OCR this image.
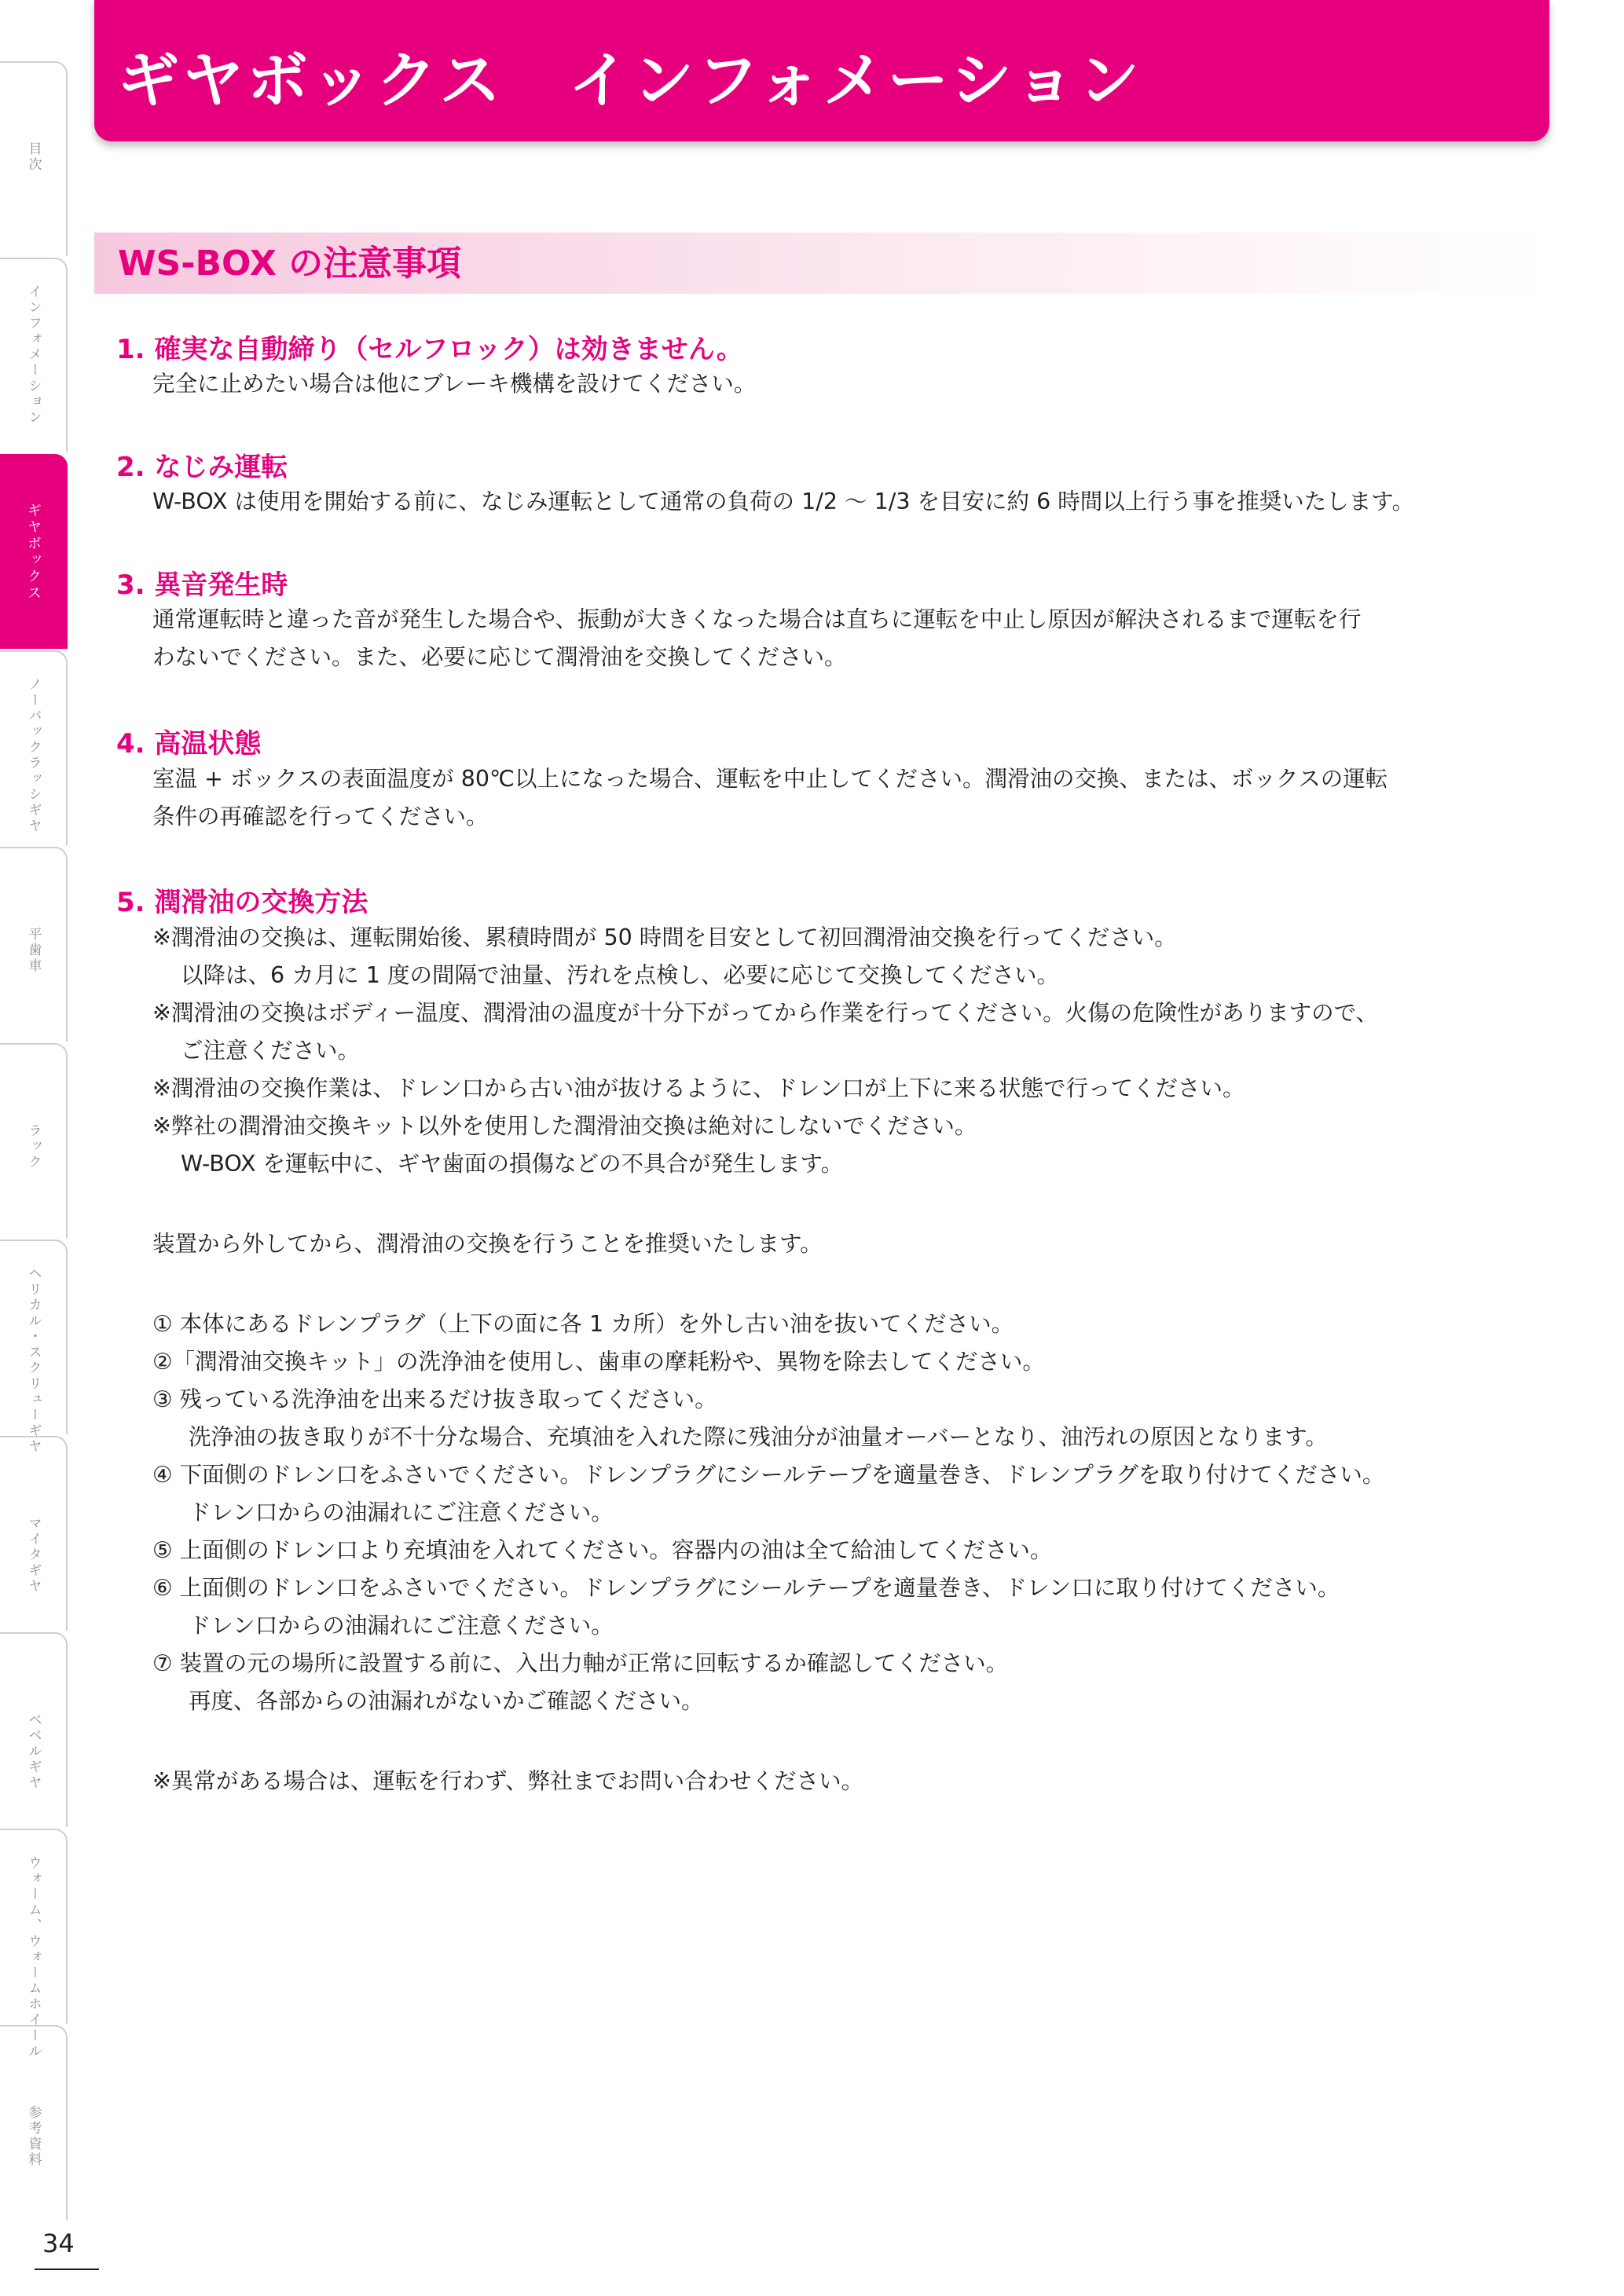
ギヤボックス　インフォメーション
目次
インフォメーション
ギヤボックス
ノーバックラッシギヤ
平歯車
ラック
ヘリカル・スクリューギヤ
マイタギヤ
ベベルギヤ
ウォーム、ウォームホイール
参考資料
WS-BOX の注意事項
1. 確実な自動締り（セルフロック）は効きません。
完全に止めたい場合は他にブレーキ機構を設けてください。
2. なじみ運転
W-BOX は使用を開始する前に、なじみ運転として通常の負荷の 1/2 〜 1/3 を目安に約 6 時間以上行う事を推奨いたします。
3. 異音発生時
通常運転時と違った音が発生した場合や、振動が大きくなった場合は直ちに運転を中止し原因が解決されるまで運転を行
わないでください。また、必要に応じて潤滑油を交換してください。
4. 高温状態
室温 + ボックスの表面温度が 80℃以上になった場合、運転を中止してください。潤滑油の交換、または、ボックスの運転
条件の再確認を行ってください。
5. 潤滑油の交換方法
※潤滑油の交換は、運転開始後、累積時間が 50 時間を目安として初回潤滑油交換を行ってください。
以降は、6 カ月に 1 度の間隔で油量、汚れを点検し、必要に応じて交換してください。
※潤滑油の交換はボディー温度、潤滑油の温度が十分下がってから作業を行ってください。火傷の危険性がありますので、
ご注意ください。
※潤滑油の交換作業は、ドレン口から古い油が抜けるように、ドレン口が上下に来る状態で行ってください。
※弊社の潤滑油交換キット以外を使用した潤滑油交換は絶対にしないでください。
W-BOX を運転中に、ギヤ歯面の損傷などの不具合が発生します。
装置から外してから、潤滑油の交換を行うことを推奨いたします。
① 本体にあるドレンプラグ（上下の面に各 1 カ所）を外し古い油を抜いてください。
②「潤滑油交換キット」の洗浄油を使用し、歯車の摩耗粉や、異物を除去してください。
③ 残っている洗浄油を出来るだけ抜き取ってください。
洗浄油の抜き取りが不十分な場合、充填油を入れた際に残油分が油量オーバーとなり、油汚れの原因となります。
④ 下面側のドレン口をふさいでください。ドレンプラグにシールテープを適量巻き、ドレンプラグを取り付けてください。
ドレン口からの油漏れにご注意ください。
⑤ 上面側のドレン口より充填油を入れてください。容器内の油は全て給油してください。
⑥ 上面側のドレン口をふさいでください。ドレンプラグにシールテープを適量巻き、ドレン口に取り付けてください。
ドレン口からの油漏れにご注意ください。
⑦ 装置の元の場所に設置する前に、入出力軸が正常に回転するか確認してください。
再度、各部からの油漏れがないかご確認ください。
※異常がある場合は、運転を行わず、弊社までお問い合わせください。
34
